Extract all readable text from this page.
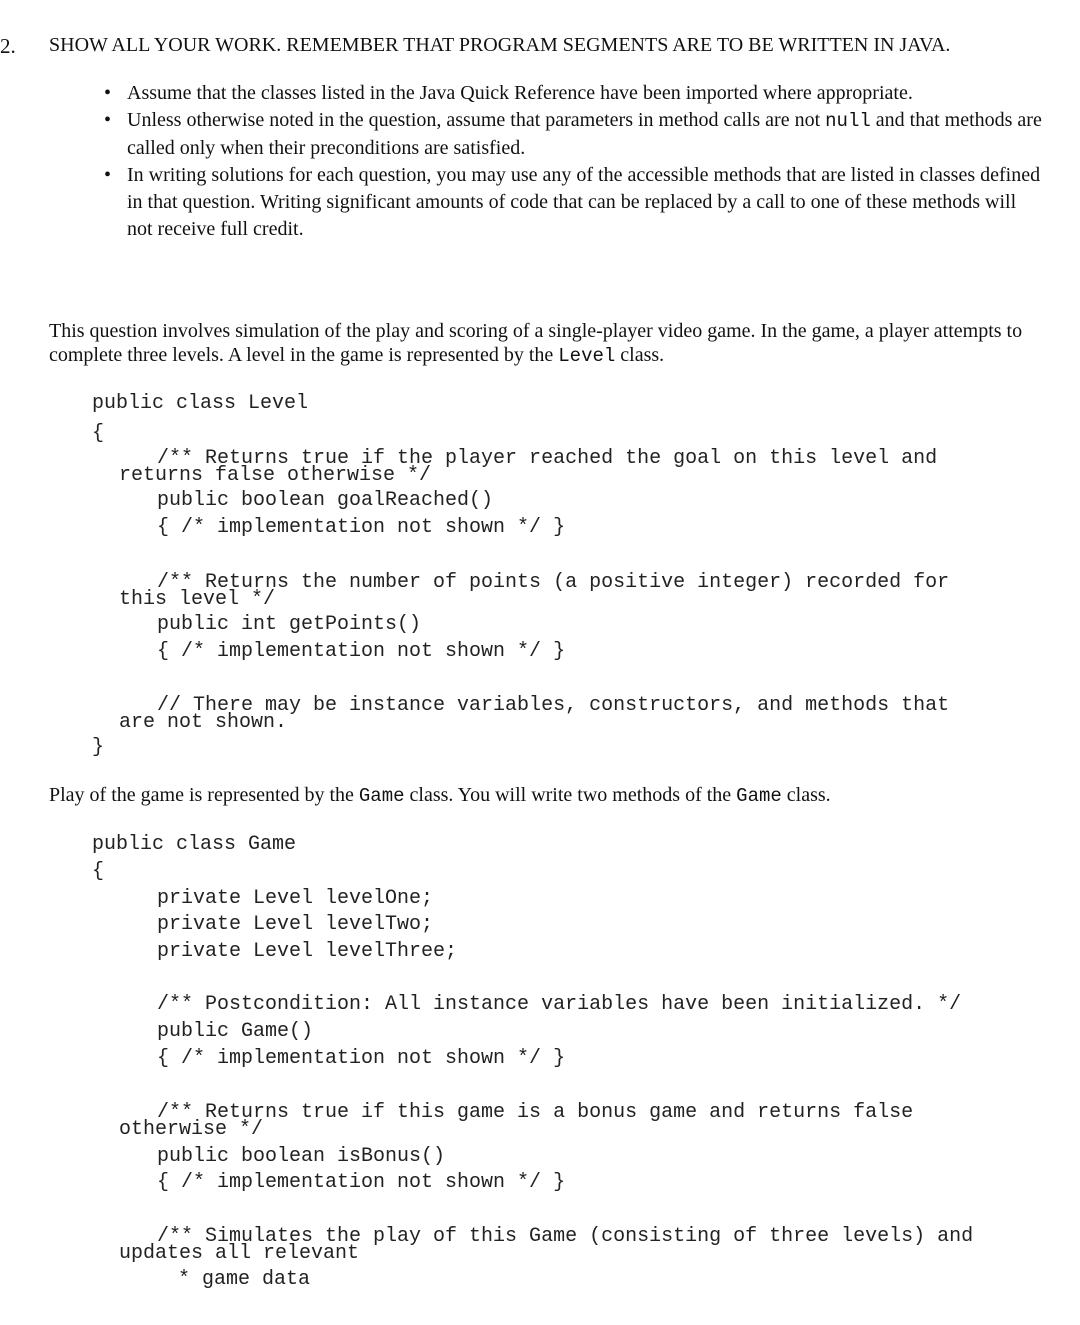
2. SHOW ALL YOUR WORK. REMEMBER THAT PROGRAM SEGMENTS ARE TO BE WRITTEN IN JAVA.
• Assume that the classes listed in the Java Quick Reference have been imported where appropriate.
• Unless otherwise noted in the question, assume that parameters in method calls are not null and that methods are called only when their preconditions are satisfied.
• In writing solutions for each question, you may use any of the accessible methods that are listed in classes defined in that question. Writing significant amounts of code that can be replaced by a call to one of these methods will not receive full credit.
This question involves simulation of the play and scoring of a single-player video game. In the game, a player attempts to complete three levels. A level in the game is represented by the Level class.
public class Level
{
/** Returns true if the player reached the goal on this level and
returns false otherwise */
public boolean goalReached()
{ /* implementation not shown */ }
/** Returns the number of points (a positive integer) recorded for
this level */
public int getPoints()
{ /* implementation not shown */ }
// There may be instance variables, constructors, and methods that
are not shown.
}
Play of the game is represented by the Game class. You will write two methods of the Game class.
public class Game
{
private Level levelOne;
private Level levelTwo;
private Level levelThree;
/** Postcondition: All instance variables have been initialized. */
public Game()
{ /* implementation not shown */ }
/** Returns true if this game is a bonus game and returns false
otherwise */
public boolean isBonus()
{ /* implementation not shown */ }
/** Simulates the play of this Game (consisting of three levels) and
updates all relevant
* game data
